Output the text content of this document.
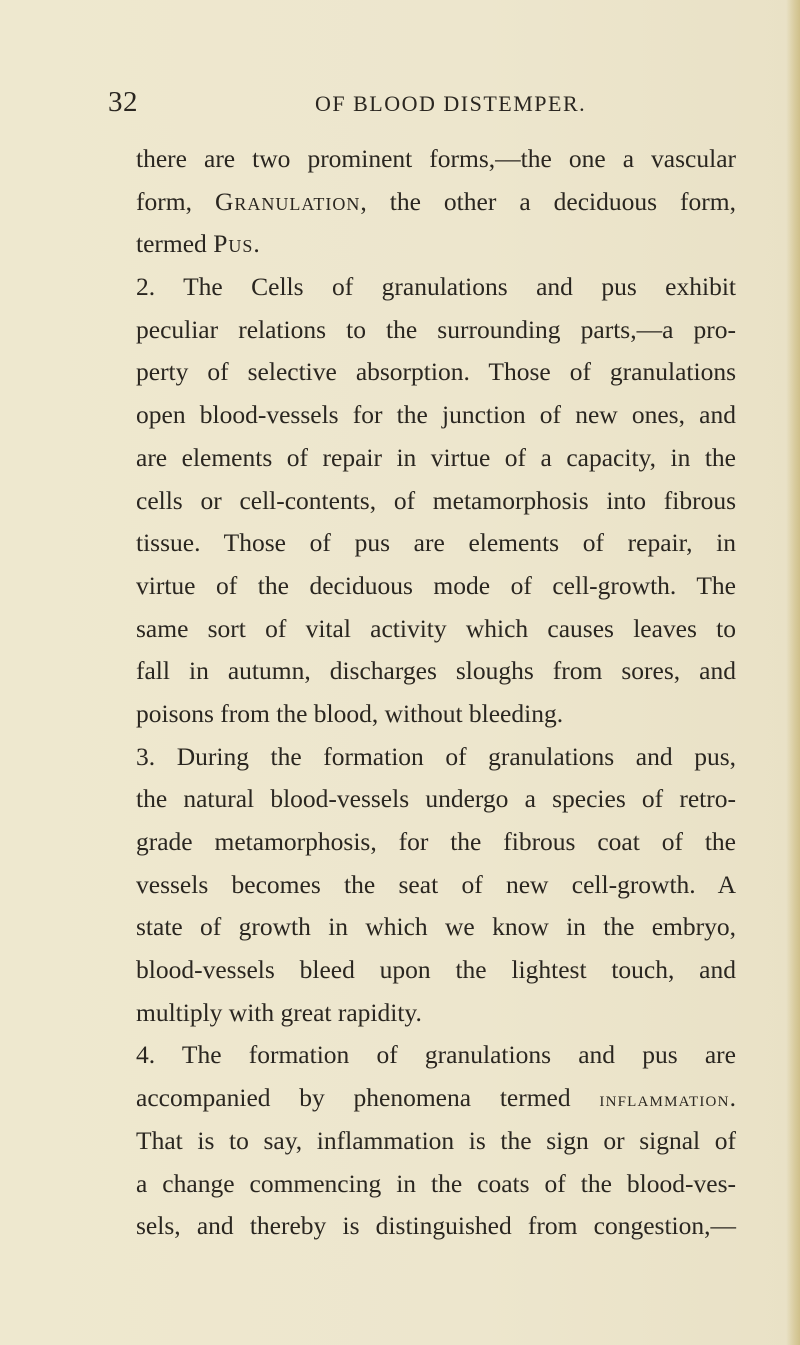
32	OF BLOOD DISTEMPER.
there are two prominent forms,—the one a vascular
form, Granulation, the other a deciduous form,
termed Pus.
2. The Cells of granulations and pus exhibit
peculiar relations to the surrounding parts,—a pro-
perty of selective absorption. Those of granulations
open blood-vessels for the junction of new ones, and
are elements of repair in virtue of a capacity, in the
cells or cell-contents, of metamorphosis into fibrous
tissue. Those of pus are elements of repair, in
virtue of the deciduous mode of cell-growth. The
same sort of vital activity which causes leaves to
fall in autumn, discharges sloughs from sores, and
poisons from the blood, without bleeding.
3. During the formation of granulations and pus,
the natural blood-vessels undergo a species of retro-
grade metamorphosis, for the fibrous coat of the
vessels becomes the seat of new cell-growth. A
state of growth in which we know in the embryo,
blood-vessels bleed upon the lightest touch, and
multiply with great rapidity.
4. The formation of granulations and pus are
accompanied by phenomena termed inflammation.
That is to say, inflammation is the sign or signal of
a change commencing in the coats of the blood-ves-
sels, and thereby is distinguished from congestion,—
